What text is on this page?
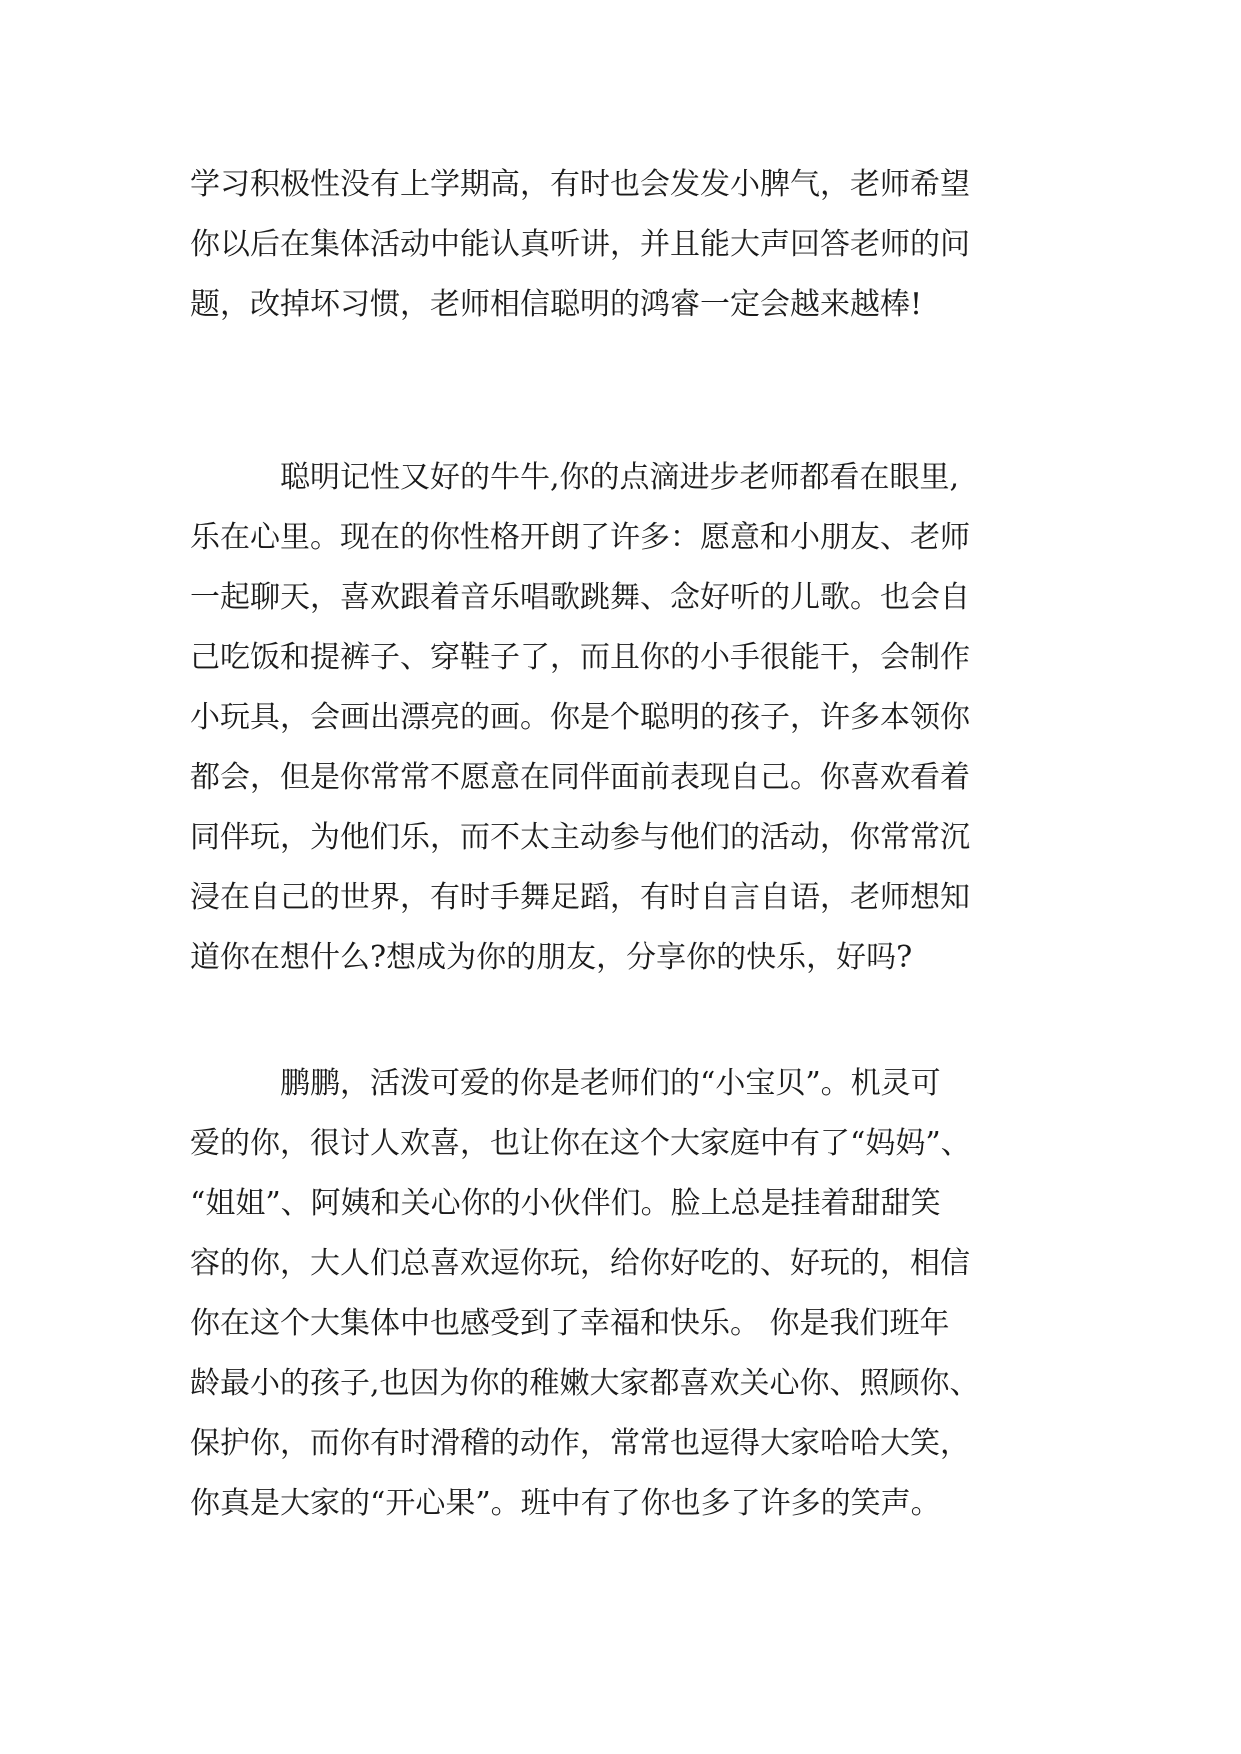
学习积极性没有上学期高，有时也会发发小脾气，老师希望
你以后在集体活动中能认真听讲，并且能大声回答老师的问
题，改掉坏习惯，老师相信聪明的鸿睿一定会越来越棒!
　　　聪明记性又好的牛牛,你的点滴进步老师都看在眼里,
乐在心里。现在的你性格开朗了许多：愿意和小朋友、老师
一起聊天，喜欢跟着音乐唱歌跳舞、念好听的儿歌。也会自
己吃饭和提裤子、穿鞋子了，而且你的小手很能干，会制作
小玩具，会画出漂亮的画。你是个聪明的孩子，许多本领你
都会，但是你常常不愿意在同伴面前表现自己。你喜欢看着
同伴玩，为他们乐，而不太主动参与他们的活动，你常常沉
浸在自己的世界，有时手舞足蹈，有时自言自语，老师想知
道你在想什么?想成为你的朋友，分享你的快乐，好吗?
　　　鹏鹏，活泼可爱的你是老师们的“小宝贝”。机灵可
爱的你，很讨人欢喜，也让你在这个大家庭中有了“妈妈”、
“姐姐”、阿姨和关心你的小伙伴们。脸上总是挂着甜甜笑
容的你，大人们总喜欢逗你玩，给你好吃的、好玩的，相信
你在这个大集体中也感受到了幸福和快乐。 你是我们班年
龄最小的孩子,也因为你的稚嫩大家都喜欢关心你、照顾你、
保护你，而你有时滑稽的动作，常常也逗得大家哈哈大笑，
你真是大家的“开心果”。班中有了你也多了许多的笑声。
